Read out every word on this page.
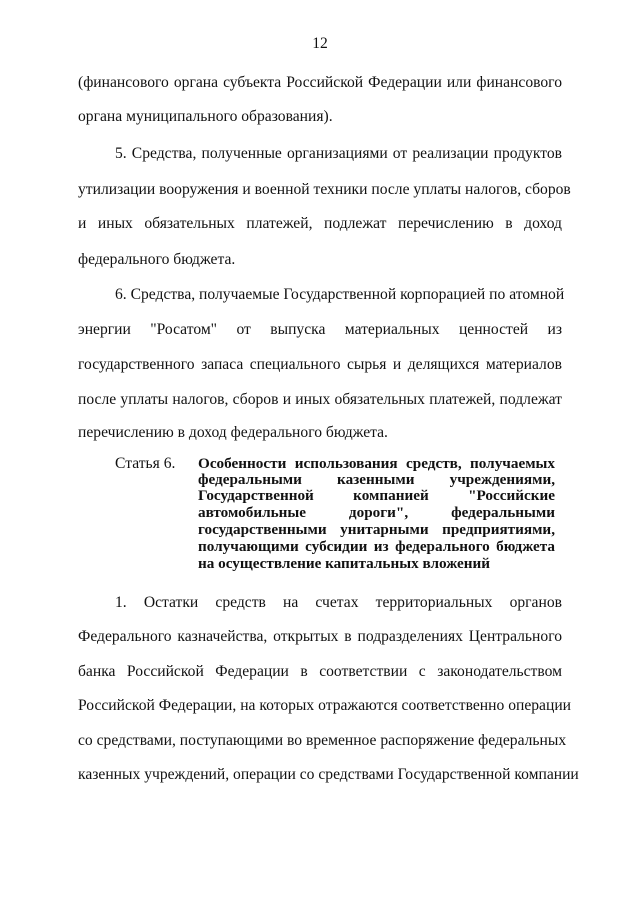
12
(финансового органа субъекта Российской Федерации или финансового
органа муниципального образования).
5. Средства, полученные организациями от реализации продуктов
утилизации вооружения и военной техники после уплаты налогов, сборов
и иных обязательных платежей, подлежат перечислению в доход
федерального бюджета.
6. Средства, получаемые Государственной корпорацией по атомной
энергии "Росатом" от выпуска материальных ценностей из
государственного запаса специального сырья и делящихся материалов
после уплаты налогов, сборов и иных обязательных платежей, подлежат
перечислению в доход федерального бюджета.
Статья 6. Особенности использования средств, получаемых
федеральными казенными учреждениями,
Государственной компанией "Российские
автомобильные дороги", федеральными
государственными унитарными предприятиями,
получающими субсидии из федерального бюджета
на осуществление капитальных вложений
1. Остатки средств на счетах территориальных органов
Федерального казначейства, открытых в подразделениях Центрального
банка Российской Федерации в соответствии с законодательством
Российской Федерации, на которых отражаются соответственно операции
со средствами, поступающими во временное распоряжение федеральных
казенных учреждений, операции со средствами Государственной компании
